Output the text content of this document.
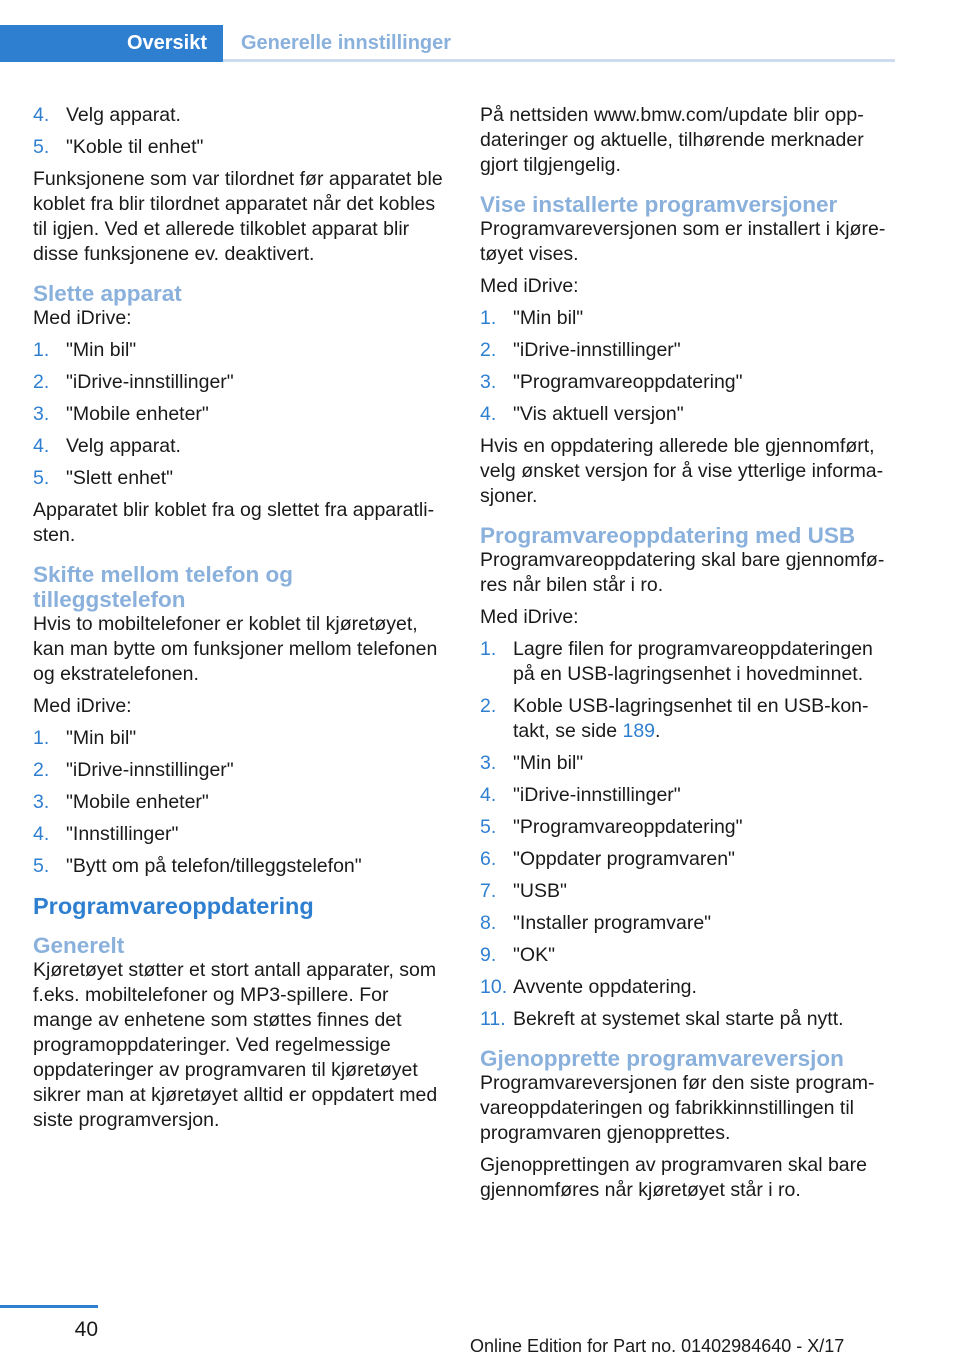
Oversikt	Generelle innstillinger
4. Velg apparat.
5. "Koble til enhet"

Funksjonene som var tilordnet før apparatet ble koblet fra blir tilordnet apparatet når det kobles til igjen. Ved et allerede tilkoblet apparat blir disse funksjonene ev. deaktivert.

Slette apparat

Med iDrive:

1. "Min bil"
2. "iDrive-innstillinger"
3. "Mobile enheter"
4. Velg apparat.
5. "Slett enhet"

Apparatet blir koblet fra og slettet fra apparatlisten.

Skifte mellom telefon og tilleggstelefon

Hvis to mobiltelefoner er koblet til kjøretøyet, kan man bytte om funksjoner mellom telefonen og ekstratelefonen.

Med iDrive:

1. "Min bil"
2. "iDrive-innstillinger"
3. "Mobile enheter"
4. "Innstillinger"
5. "Bytt om på telefon/tilleggstelefon"
Programvareoppdatering
Generelt

Kjøretøyet støtter et stort antall apparater, som f.eks. mobiltelefoner og MP3-spillere. For mange av enhetene som støttes finnes det programoppdateringer. Ved regelmessige oppdateringer av programvaren til kjøretøyet sikrer man at kjøretøyet alltid er oppdatert med siste programversjon.

På nettsiden www.bmw.com/update blir oppdateringer og aktuelle, tilhørende merknader gjort tilgjengelig.

Vise installerte programversjoner

Programvareversjonen som er installert i kjøretøyet vises.

Med iDrive:

1. "Min bil"
2. "iDrive-innstillinger"
3. "Programvareoppdatering"
4. "Vis aktuell versjon"

Hvis en oppdatering allerede ble gjennomført, velg ønsket versjon for å vise ytterlige informasjoner.

Programvareoppdatering med USB

Programvareoppdatering skal bare gjennomføres når bilen står i ro.

Med iDrive:

1. Lagre filen for programvareoppdateringen på en USB-lagringsenhet i hovedminnet.
2. Koble USB-lagringsenhet til en USB-kontakt, se side 189.
3. "Min bil"
4. "iDrive-innstillinger"
5. "Programvareoppdatering"
6. "Oppdater programvaren"
7. "USB"
8. "Installer programvare"
9. "OK"
10. Avvente oppdatering.
11. Bekreft at systemet skal starte på nytt.
Gjenopprette programvareversjon

Programvareversjonen før den siste programvareoppdateringen og fabrikkinnstillingen til programvaren gjenopprettes.

Gjenopprettingen av programvaren skal bare gjennomføres når kjøretøyet står i ro.

40
Online Edition for Part no. 01402984640 - X/17
